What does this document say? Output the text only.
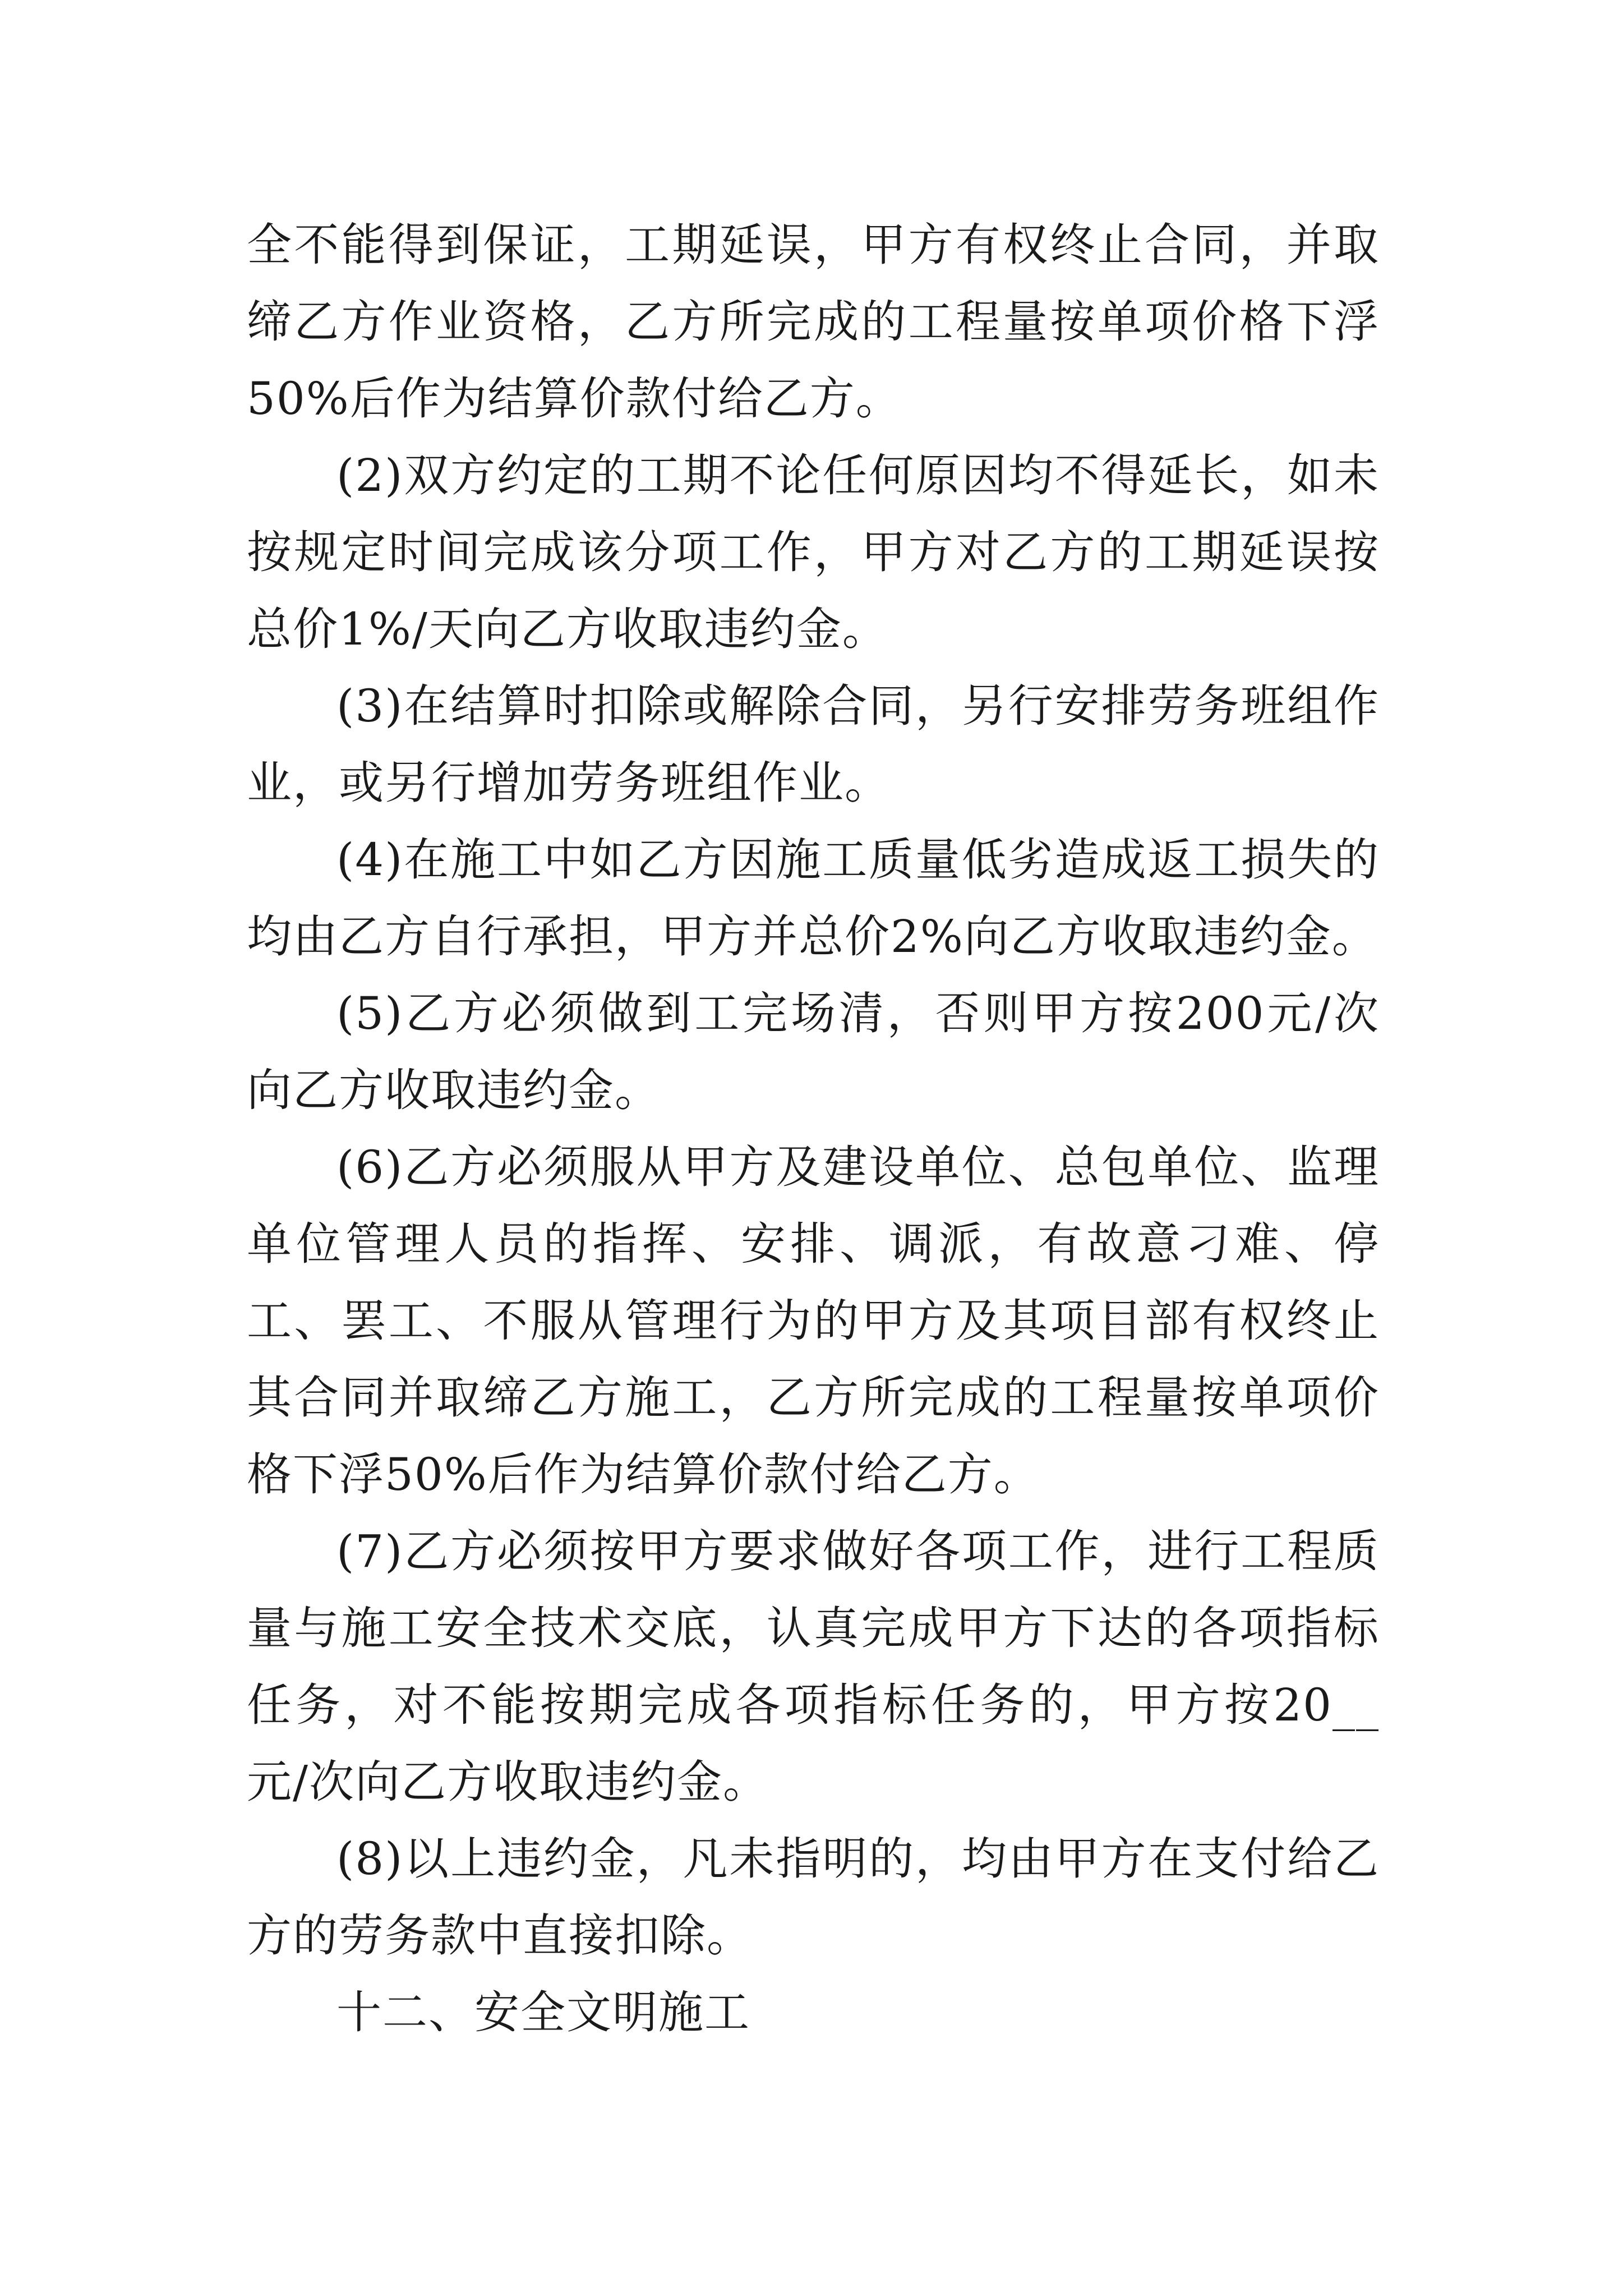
全不能得到保证，工期延误，甲方有权终止合同，并取缔乙方作业资格，乙方所完成的工程量按单项价格下浮50%后作为结算价款付给乙方。

(2)双方约定的工期不论任何原因均不得延长，如未按规定时间完成该分项工作，甲方对乙方的工期延误按总价1%/天向乙方收取违约金。

(3)在结算时扣除或解除合同，另行安排劳务班组作业，或另行增加劳务班组作业。

(4)在施工中如乙方因施工质量低劣造成返工损失的均由乙方自行承担，甲方并总价2%向乙方收取违约金。

(5)乙方必须做到工完场清，否则甲方按200元/次向乙方收取违约金。

(6)乙方必须服从甲方及建设单位、总包单位、监理单位管理人员的指挥、安排、调派，有故意刁难、停工、罢工、不服从管理行为的甲方及其项目部有权终止其合同并取缔乙方施工，乙方所完成的工程量按单项价格下浮50%后作为结算价款付给乙方。

(7)乙方必须按甲方要求做好各项工作，进行工程质量与施工安全技术交底，认真完成甲方下达的各项指标任务，对不能按期完成各项指标任务的，甲方按20__元/次向乙方收取违约金。

(8)以上违约金，凡未指明的，均由甲方在支付给乙方的劳务款中直接扣除。

十二、安全文明施工
